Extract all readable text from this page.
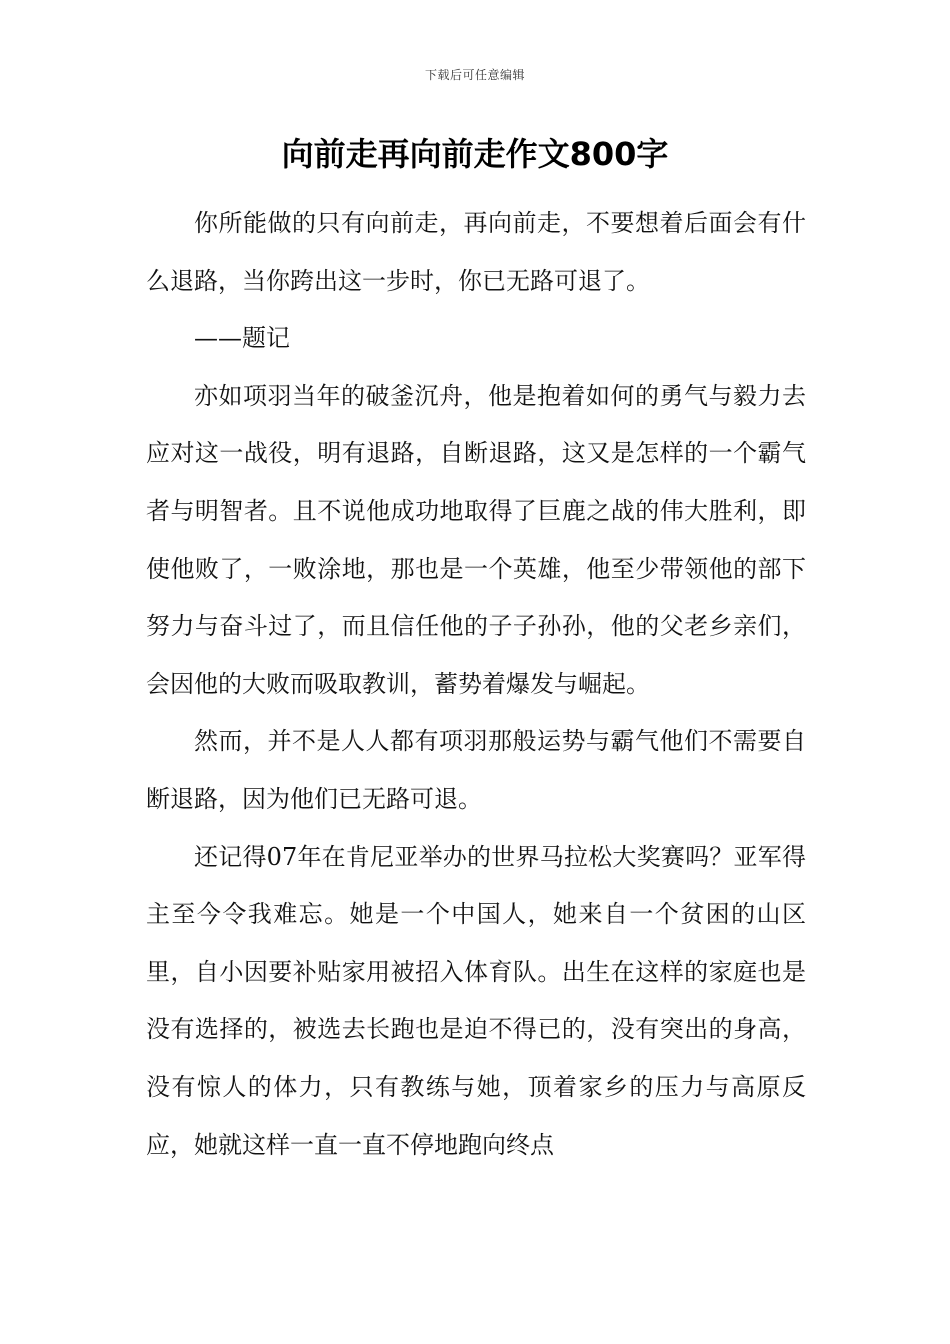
下载后可任意编辑
向前走再向前走作文800字

你所能做的只有向前走，再向前走，不要想着后面会有什么退路，当你跨出这一步时，你已无路可退了。

——题记

亦如项羽当年的破釜沉舟，他是抱着如何的勇气与毅力去应对这一战役，明有退路，自断退路，这又是怎样的一个霸气者与明智者。且不说他成功地取得了巨鹿之战的伟大胜利，即使他败了，一败涂地，那也是一个英雄，他至少带领他的部下努力与奋斗过了，而且信任他的子子孙孙，他的父老乡亲们，会因他的大败而吸取教训，蓄势着爆发与崛起。

然而，并不是人人都有项羽那般运势与霸气他们不需要自断退路，因为他们已无路可退。

还记得07年在肯尼亚举办的世界马拉松大奖赛吗？亚军得主至今令我难忘。她是一个中国人，她来自一个贫困的山区里，自小因要补贴家用被招入体育队。出生在这样的家庭也是没有选择的，被选去长跑也是迫不得已的，没有突出的身高，没有惊人的体力，只有教练与她，顶着家乡的压力与高原反应，她就这样一直一直不停地跑向终点
